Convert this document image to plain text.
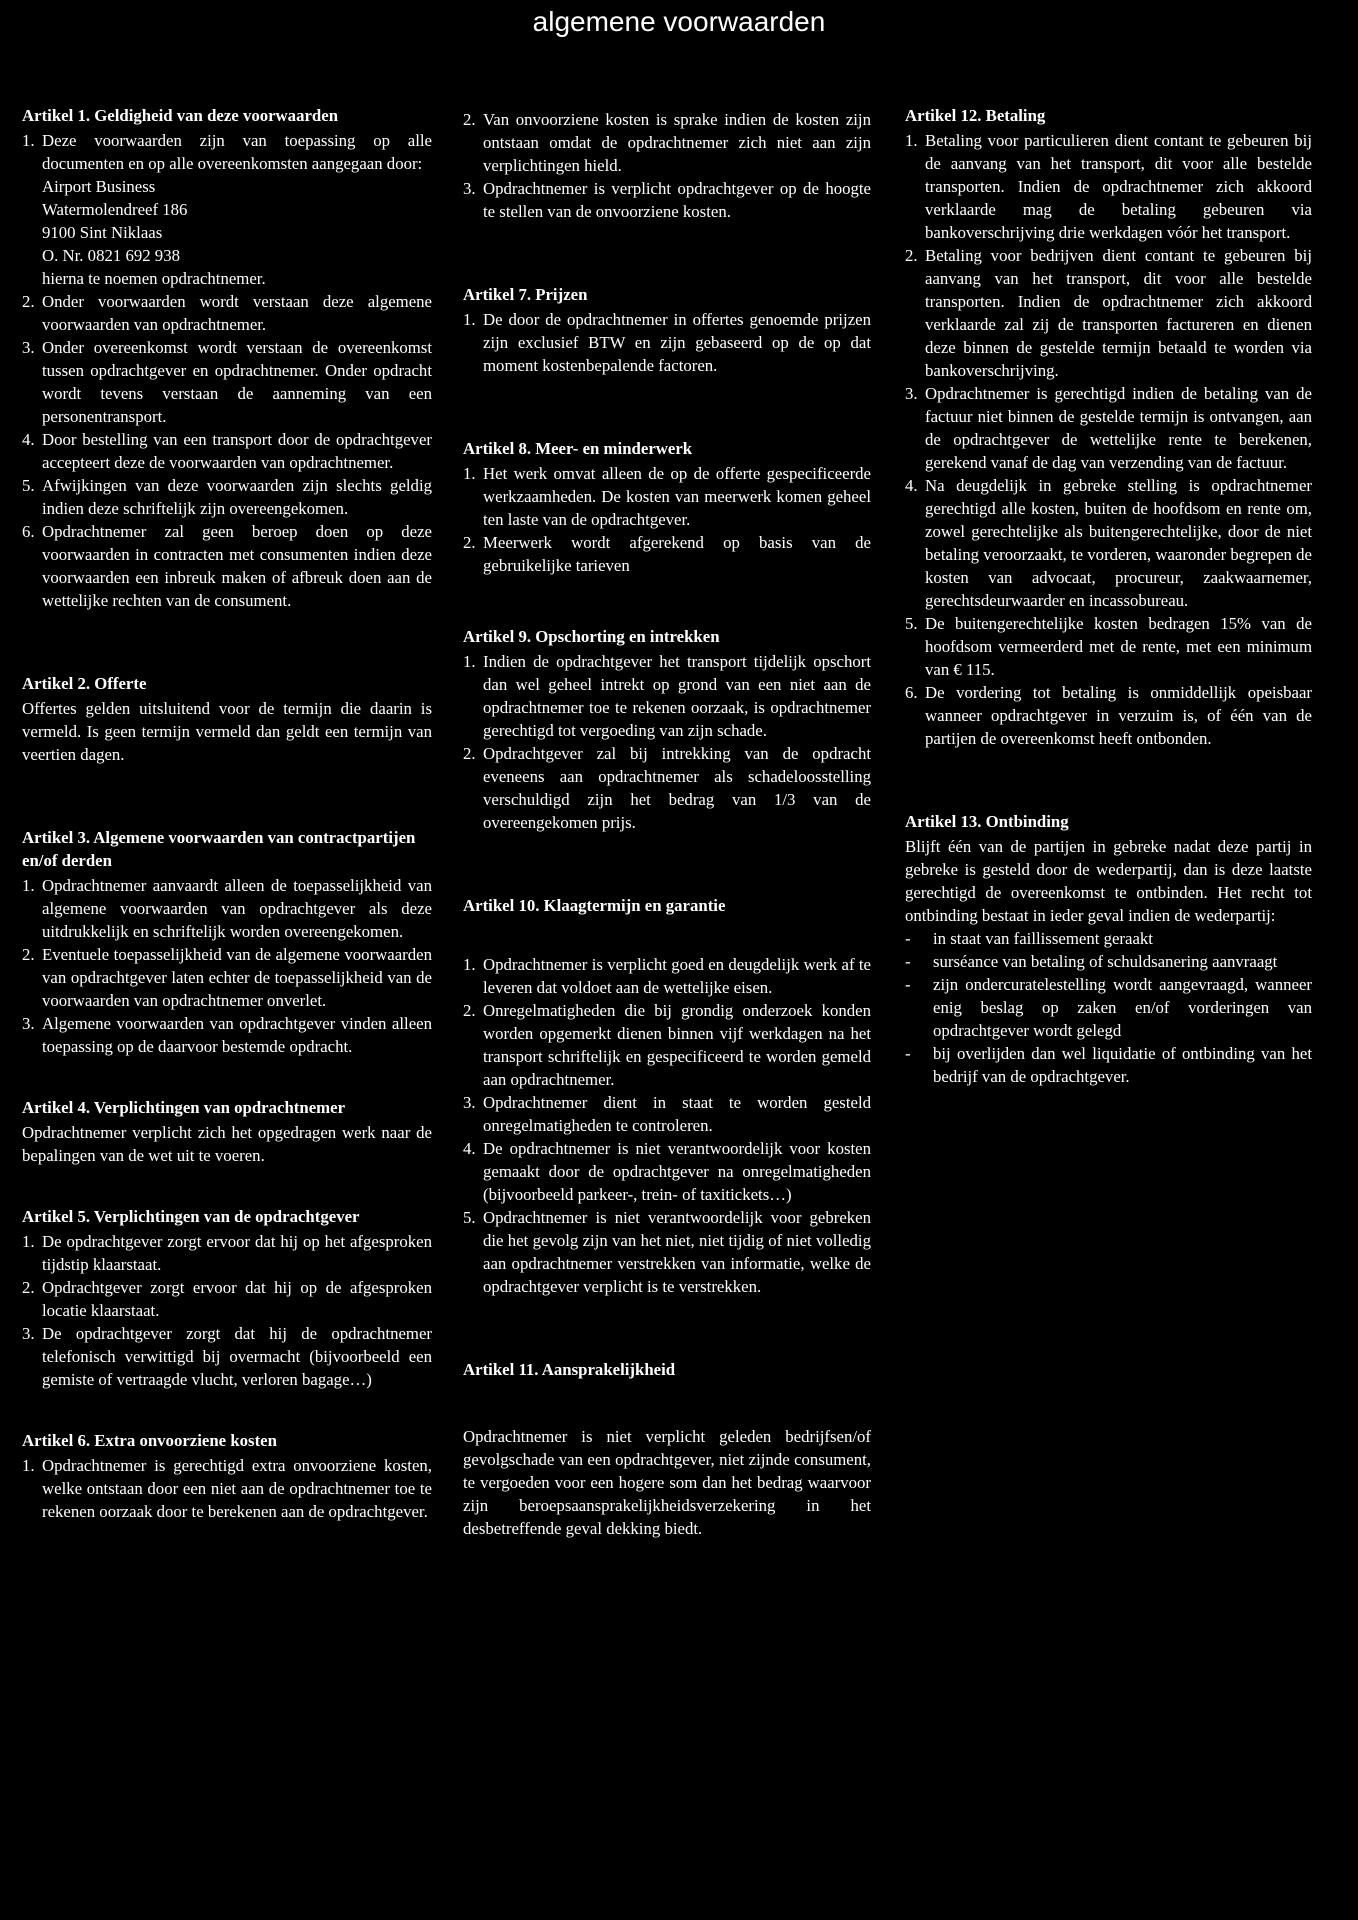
algemene voorwaarden
Artikel 1. Geldigheid van deze voorwaarden
1. Deze voorwaarden zijn van toepassing op alle documenten en op alle overeenkomsten aangegaan door:
Airport Business
Watermolendreef 186
9100 Sint Niklaas
O. Nr. 0821 692 938
hierna te noemen opdrachtnemer.
2. Onder voorwaarden wordt verstaan deze algemene voorwaarden van opdrachtnemer.
3. Onder overeenkomst wordt verstaan de overeenkomst tussen opdrachtgever en opdrachtnemer. Onder opdracht wordt tevens verstaan de aanneming van een personentransport.
4. Door bestelling van een transport door de opdrachtgever accepteert deze de voorwaarden van opdrachtnemer.
5. Afwijkingen van deze voorwaarden zijn slechts geldig indien deze schriftelijk zijn overeengekomen.
6. Opdrachtnemer zal geen beroep doen op deze voorwaarden in contracten met consumenten indien deze voorwaarden een inbreuk maken of afbreuk doen aan de wettelijke rechten van de consument.
Artikel 2. Offerte

Offertes gelden uitsluitend voor de termijn die daarin is vermeld. Is geen termijn vermeld dan geldt een termijn van veertien dagen.

Artikel 3. Algemene voorwaarden van contractpartijen en/of derden
1. Opdrachtnemer aanvaardt alleen de toepasselijkheid van algemene voorwaarden van opdrachtgever als deze uitdrukkelijk en schriftelijk worden overeengekomen.
2. Eventuele toepasselijkheid van de algemene voorwaarden van opdrachtgever laten echter de toepasselijkheid van de voorwaarden van opdrachtnemer onverlet.
3. Algemene voorwaarden van opdrachtgever vinden alleen toepassing op de daarvoor bestemde opdracht.
Artikel 4. Verplichtingen van opdrachtnemer

Opdrachtnemer verplicht zich het opgedragen werk naar de bepalingen van de wet uit te voeren.

Artikel 5. Verplichtingen van de opdrachtgever
1. De opdrachtgever zorgt ervoor dat hij op het afgesproken tijdstip klaarstaat.
2. Opdrachtgever zorgt ervoor dat hij op de afgesproken locatie klaarstaat.
3. De opdrachtgever zorgt dat hij de opdrachtnemer telefonisch verwittigd bij overmacht (bijvoorbeeld een gemiste of vertraagde vlucht, verloren bagage…)
Artikel 6. Extra onvoorziene kosten
1. Opdrachtnemer is gerechtigd extra onvoorziene kosten, welke ontstaan door een niet aan de opdrachtnemer toe te rekenen oorzaak door te berekenen aan de opdrachtgever.
2. Van onvoorziene kosten is sprake indien de kosten zijn ontstaan omdat de opdrachtnemer zich niet aan zijn verplichtingen hield.
3. Opdrachtnemer is verplicht opdrachtgever op de hoogte te stellen van de onvoorziene kosten.
Artikel 7. Prijzen
1. De door de opdrachtnemer in offertes genoemde prijzen zijn exclusief BTW en zijn gebaseerd op de op dat moment kostenbepalende factoren.
Artikel 8. Meer- en minderwerk
1. Het werk omvat alleen de op de offerte gespecificeerde werkzaamheden. De kosten van meerwerk komen geheel ten laste van de opdrachtgever.
2. Meerwerk wordt afgerekend op basis van de gebruikelijke tarieven
Artikel 9. Opschorting en intrekken
1. Indien de opdrachtgever het transport tijdelijk opschort dan wel geheel intrekt op grond van een niet aan de opdrachtnemer toe te rekenen oorzaak, is opdrachtnemer gerechtigd tot vergoeding van zijn schade.
2. Opdrachtgever zal bij intrekking van de opdracht eveneens aan opdrachtnemer als schadeloosstelling verschuldigd zijn het bedrag van 1/3 van de overeengekomen prijs.
Artikel 10. Klaagtermijn en garantie
1. Opdrachtnemer is verplicht goed en deugdelijk werk af te leveren dat voldoet aan de wettelijke eisen.
2. Onregelmatigheden die bij grondig onderzoek konden worden opgemerkt dienen binnen vijf werkdagen na het transport schriftelijk en gespecificeerd te worden gemeld aan opdrachtnemer.
3. Opdrachtnemer dient in staat te worden gesteld onregelmatigheden te controleren.
4. De opdrachtnemer is niet verantwoordelijk voor kosten gemaakt door de opdrachtgever na onregelmatigheden (bijvoorbeeld parkeer-, trein- of taxitickets…)
5. Opdrachtnemer is niet verantwoordelijk voor gebreken die het gevolg zijn van het niet, niet tijdig of niet volledig aan opdrachtnemer verstrekken van informatie, welke de opdrachtgever verplicht is te verstrekken.
Artikel 11. Aansprakelijkheid

Opdrachtnemer is niet verplicht geleden bedrijfsen/of gevolgschade van een opdrachtgever, niet zijnde consument, te vergoeden voor een hogere som dan het bedrag waarvoor zijn beroepsaansprakelijkheidsverzekering in het desbetreffende geval dekking biedt.

Artikel 12. Betaling
1. Betaling voor particulieren dient contant te gebeuren bij de aanvang van het transport, dit voor alle bestelde transporten. Indien de opdrachtnemer zich akkoord verklaarde mag de betaling gebeuren via bankoverschrijving drie werkdagen vóór het transport.
2. Betaling voor bedrijven dient contant te gebeuren bij aanvang van het transport, dit voor alle bestelde transporten. Indien de opdrachtnemer zich akkoord verklaarde zal zij de transporten factureren en dienen deze binnen de gestelde termijn betaald te worden via bankoverschrijving.
3. Opdrachtnemer is gerechtigd indien de betaling van de factuur niet binnen de gestelde termijn is ontvangen, aan de opdrachtgever de wettelijke rente te berekenen, gerekend vanaf de dag van verzending van de factuur.
4. Na deugdelijk in gebreke stelling is opdrachtnemer gerechtigd alle kosten, buiten de hoofdsom en rente om, zowel gerechtelijke als buitengerechtelijke, door de niet betaling veroorzaakt, te vorderen, waaronder begrepen de kosten van advocaat, procureur, zaakwaarnemer, gerechtsdeurwaarder en incassobureau.
5. De buitengerechtelijke kosten bedragen 15% van de hoofdsom vermeerderd met de rente, met een minimum van € 115.
6. De vordering tot betaling is onmiddellijk opeisbaar wanneer opdrachtgever in verzuim is, of één van de partijen de overeenkomst heeft ontbonden.
Artikel 13. Ontbinding

Blijft één van de partijen in gebreke nadat deze partij in gebreke is gesteld door de wederpartij, dan is deze laatste gerechtigd de overeenkomst te ontbinden. Het recht tot ontbinding bestaat in ieder geval indien de wederpartij:

-	in staat van faillissement geraakt
-	surséance van betaling of schuldsanering aanvraagt
-	zijn ondercuratelestelling wordt aangevraagd, wanneer enig beslag op zaken en/of vorderingen van opdrachtgever wordt gelegd
-	bij overlijden dan wel liquidatie of ontbinding van het bedrijf van de opdrachtgever.
